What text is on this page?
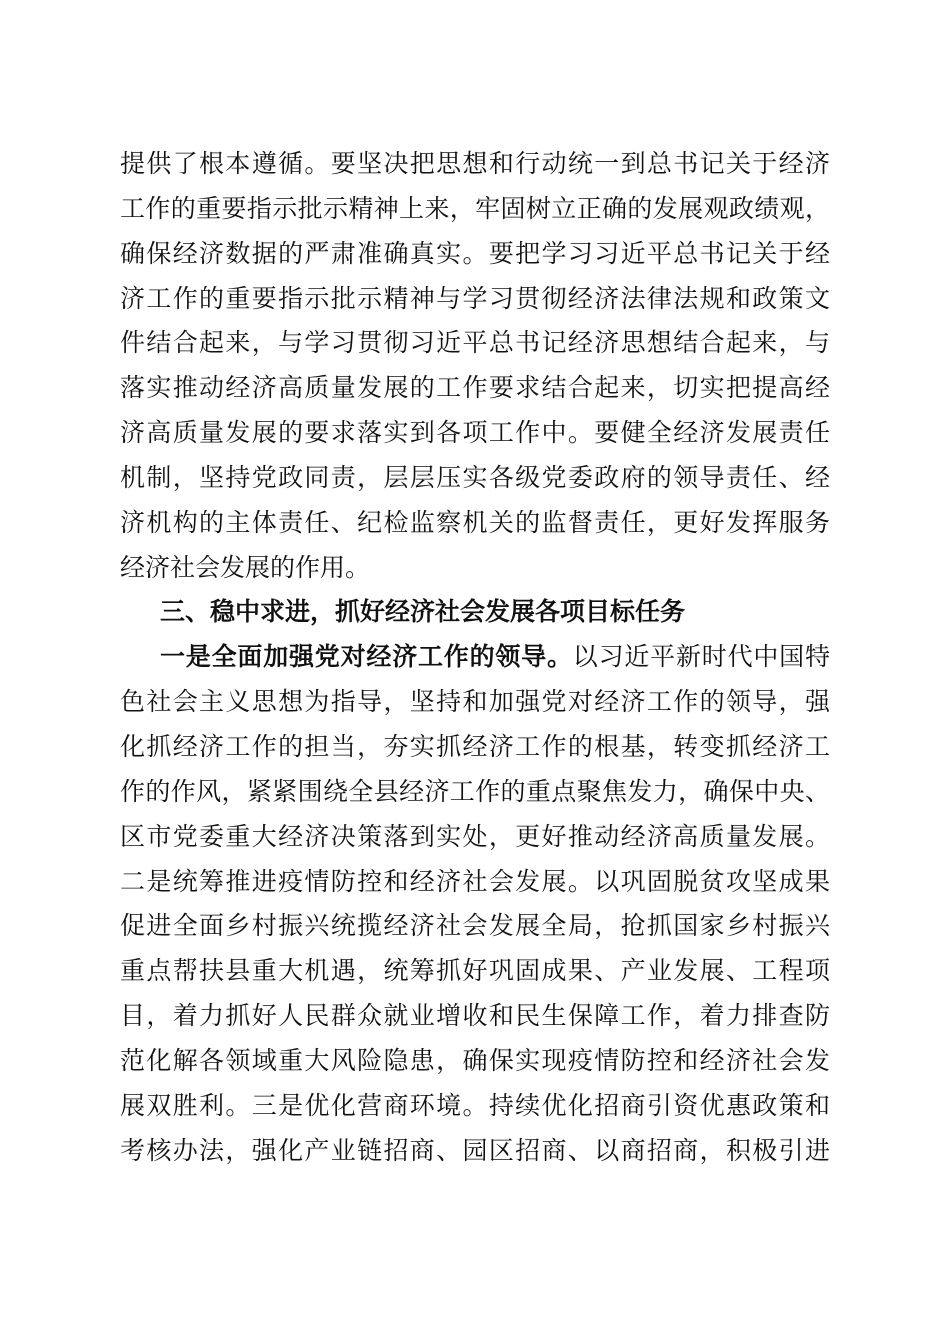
提供了根本遵循。要坚决把思想和行动统一到总书记关于经济
工作的重要指示批示精神上来，牢固树立正确的发展观政绩观，
确保经济数据的严肃准确真实。要把学习习近平总书记关于经
济工作的重要指示批示精神与学习贯彻经济法律法规和政策文
件结合起来，与学习贯彻习近平总书记经济思想结合起来，与
落实推动经济高质量发展的工作要求结合起来，切实把提高经
济高质量发展的要求落实到各项工作中。要健全经济发展责任
机制，坚持党政同责，层层压实各级党委政府的领导责任、经
济机构的主体责任、纪检监察机关的监督责任，更好发挥服务
经济社会发展的作用。
三、稳中求进，抓好经济社会发展各项目标任务
一是全面加强党对经济工作的领导。以习近平新时代中国特
色社会主义思想为指导，坚持和加强党对经济工作的领导，强
化抓经济工作的担当，夯实抓经济工作的根基，转变抓经济工
作的作风，紧紧围绕全县经济工作的重点聚焦发力，确保中央、
区市党委重大经济决策落到实处，更好推动经济高质量发展。
二是统筹推进疫情防控和经济社会发展。以巩固脱贫攻坚成果
促进全面乡村振兴统揽经济社会发展全局，抢抓国家乡村振兴
重点帮扶县重大机遇，统筹抓好巩固成果、产业发展、工程项
目，着力抓好人民群众就业增收和民生保障工作，着力排查防
范化解各领域重大风险隐患，确保实现疫情防控和经济社会发
展双胜利。三是优化营商环境。持续优化招商引资优惠政策和
考核办法，强化产业链招商、园区招商、以商招商，积极引进
